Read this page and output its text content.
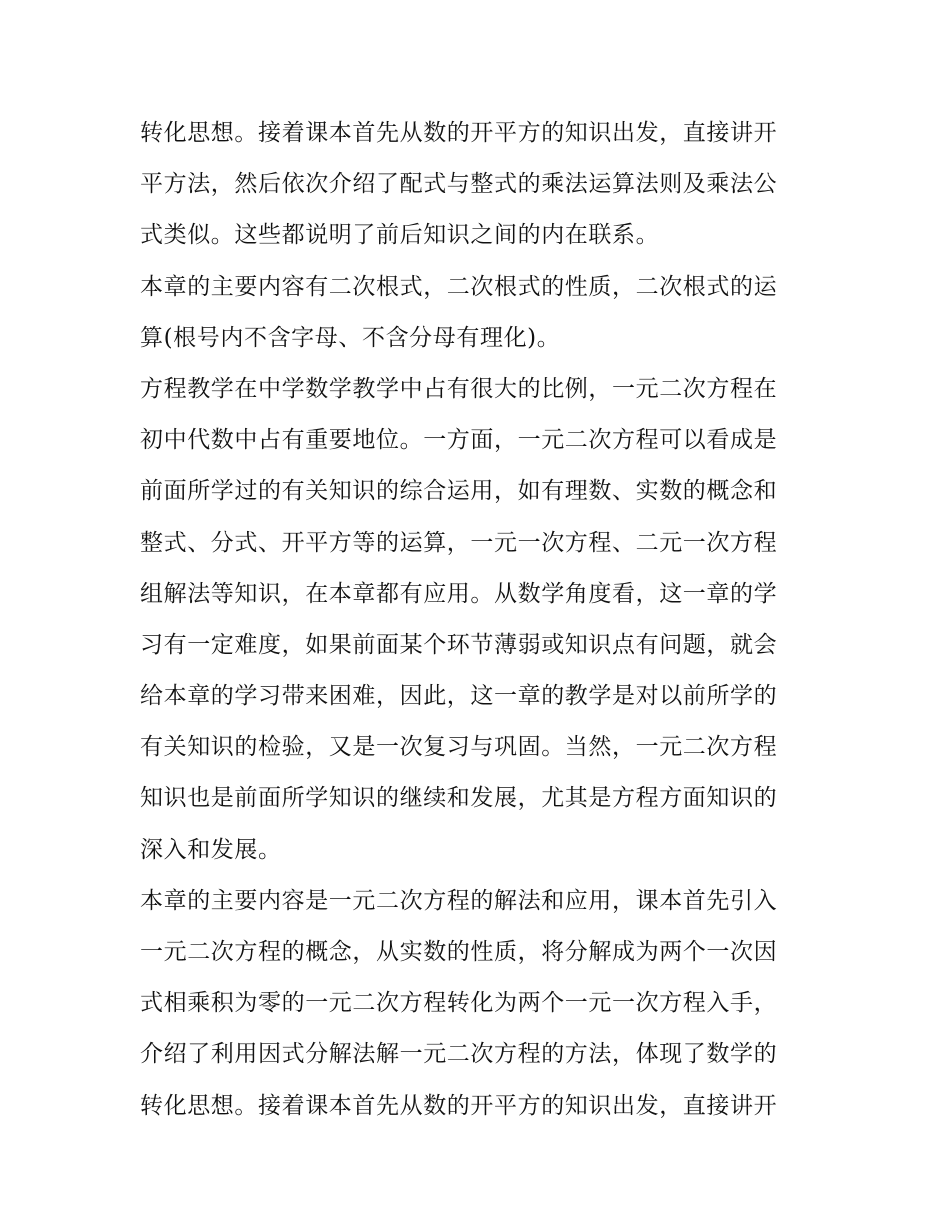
转化思想。接着课本首先从数的开平方的知识出发，直接讲开
平方法，然后依次介绍了配式与整式的乘法运算法则及乘法公
式类似。这些都说明了前后知识之间的内在联系。
本章的主要内容有二次根式，二次根式的性质，二次根式的运
算(根号内不含字母、不含分母有理化)。
方程教学在中学数学教学中占有很大的比例，一元二次方程在
初中代数中占有重要地位。一方面，一元二次方程可以看成是
前面所学过的有关知识的综合运用，如有理数、实数的概念和
整式、分式、开平方等的运算，一元一次方程、二元一次方程
组解法等知识，在本章都有应用。从数学角度看，这一章的学
习有一定难度，如果前面某个环节薄弱或知识点有问题，就会
给本章的学习带来困难，因此，这一章的教学是对以前所学的
有关知识的检验，又是一次复习与巩固。当然，一元二次方程
知识也是前面所学知识的继续和发展，尤其是方程方面知识的
深入和发展。
本章的主要内容是一元二次方程的解法和应用，课本首先引入
一元二次方程的概念，从实数的性质，将分解成为两个一次因
式相乘积为零的一元二次方程转化为两个一元一次方程入手，
介绍了利用因式分解法解一元二次方程的方法，体现了数学的
转化思想。接着课本首先从数的开平方的知识出发，直接讲开
